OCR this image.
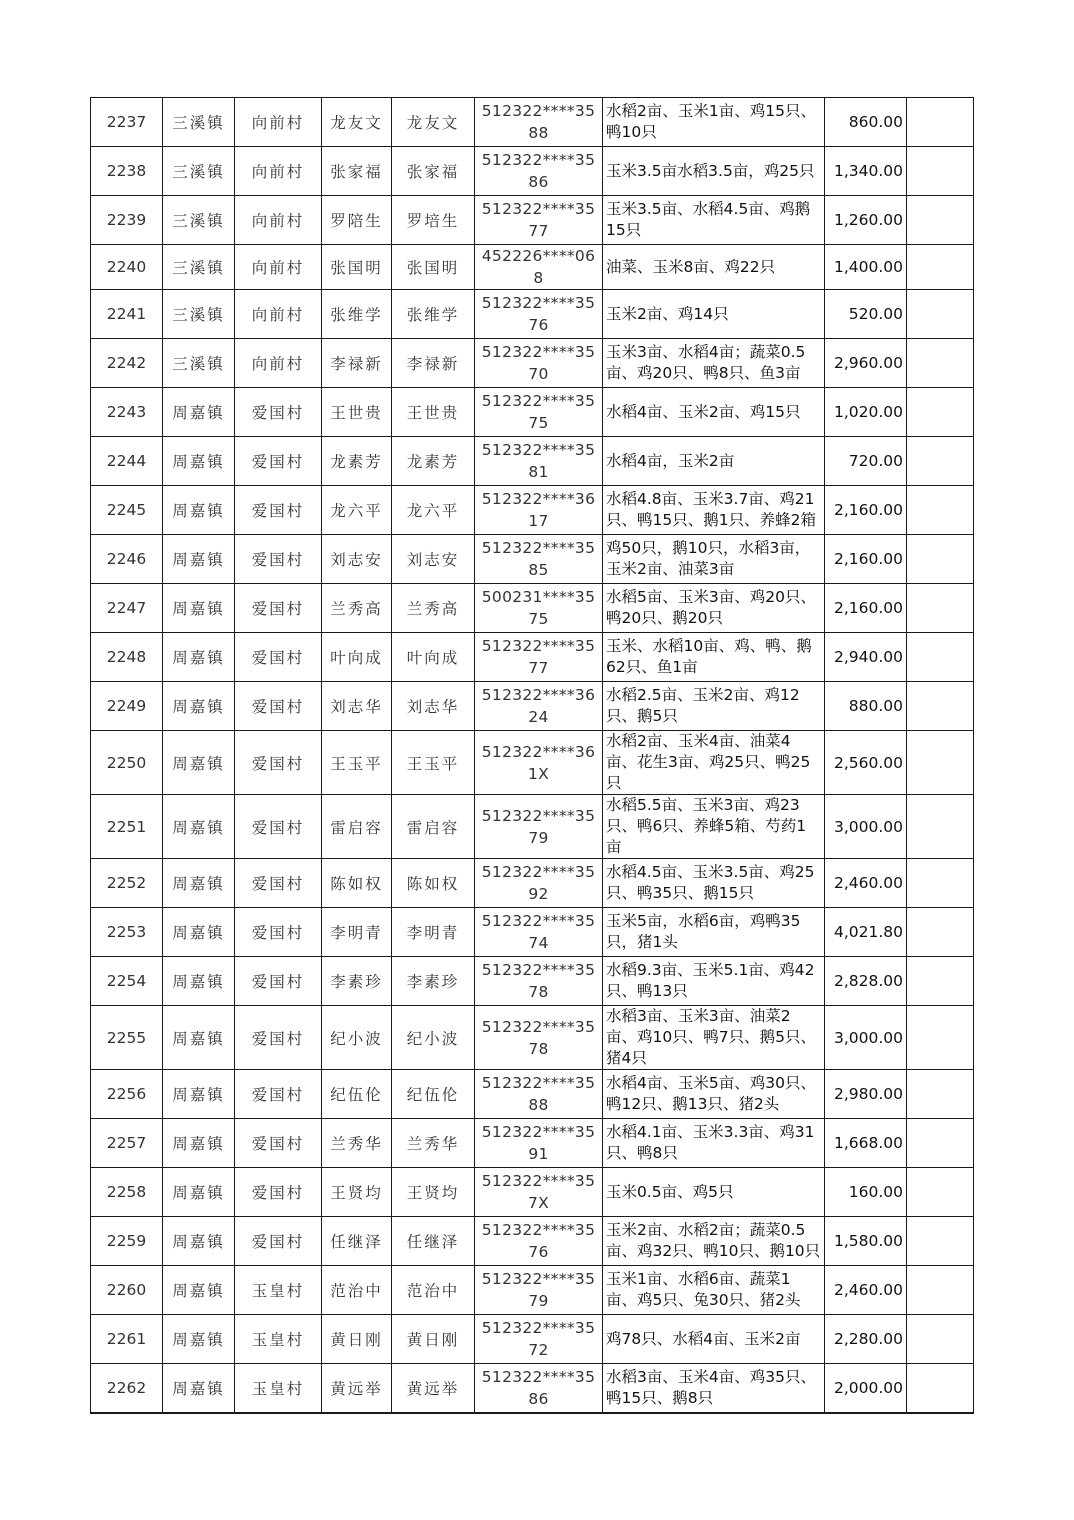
2237	三溪镇	向前村	龙友文	龙友文	512322****3588	水稻2亩、玉米1亩、鸡15只、鸭10只	860.00	
2238	三溪镇	向前村	张家福	张家福	512322****3586	玉米3.5亩水稻3.5亩，鸡25只	1,340.00	
2239	三溪镇	向前村	罗陪生	罗培生	512322****3577	玉米3.5亩、水稻4.5亩、鸡鹅15只	1,260.00	
2240	三溪镇	向前村	张国明	张国明	452226****068	油菜、玉米8亩、鸡22只	1,400.00	
2241	三溪镇	向前村	张维学	张维学	512322****3576	玉米2亩、鸡14只	520.00	
2242	三溪镇	向前村	李禄新	李禄新	512322****3570	玉米3亩、水稻4亩；蔬菜0.5亩、鸡20只、鸭8只、鱼3亩	2,960.00	
2243	周嘉镇	爱国村	王世贵	王世贵	512322****3575	水稻4亩、玉米2亩、鸡15只	1,020.00	
2244	周嘉镇	爱国村	龙素芳	龙素芳	512322****3581	水稻4亩，玉米2亩	720.00	
2245	周嘉镇	爱国村	龙六平	龙六平	512322****3617	水稻4.8亩、玉米3.7亩、鸡21只、鸭15只、鹅1只、养蜂2箱	2,160.00	
2246	周嘉镇	爱国村	刘志安	刘志安	512322****3585	鸡50只，鹅10只，水稻3亩，玉米2亩、油菜3亩	2,160.00	
2247	周嘉镇	爱国村	兰秀高	兰秀高	500231****3575	水稻5亩、玉米3亩、鸡20只、鸭20只、鹅20只	2,160.00	
2248	周嘉镇	爱国村	叶向成	叶向成	512322****3577	玉米、水稻10亩、鸡、鸭、鹅62只、鱼1亩	2,940.00	
2249	周嘉镇	爱国村	刘志华	刘志华	512322****3624	水稻2.5亩、玉米2亩、鸡12只、鹅5只	880.00	
2250	周嘉镇	爱国村	王玉平	王玉平	512322****361X	水稻2亩、玉米4亩、油菜4亩、花生3亩、鸡25只、鸭25只	2,560.00	
2251	周嘉镇	爱国村	雷启容	雷启容	512322****3579	水稻5.5亩、玉米3亩、鸡23只、鸭6只、养蜂5箱、芍药1亩	3,000.00	
2252	周嘉镇	爱国村	陈如权	陈如权	512322****3592	水稻4.5亩、玉米3.5亩、鸡25只、鸭35只、鹅15只	2,460.00	
2253	周嘉镇	爱国村	李明青	李明青	512322****3574	玉米5亩，水稻6亩，鸡鸭35只，猪1头	4,021.80	
2254	周嘉镇	爱国村	李素珍	李素珍	512322****3578	水稻9.3亩、玉米5.1亩、鸡42只、鸭13只	2,828.00	
2255	周嘉镇	爱国村	纪小波	纪小波	512322****3578	水稻3亩、玉米3亩、油菜2亩、鸡10只、鸭7只、鹅5只、猪4只	3,000.00	
2256	周嘉镇	爱国村	纪伍伦	纪伍伦	512322****3588	水稻4亩、玉米5亩、鸡30只、鸭12只、鹅13只、猪2头	2,980.00	
2257	周嘉镇	爱国村	兰秀华	兰秀华	512322****3591	水稻4.1亩、玉米3.3亩、鸡31只、鸭8只	1,668.00	
2258	周嘉镇	爱国村	王贤均	王贤均	512322****357X	玉米0.5亩、鸡5只	160.00	
2259	周嘉镇	爱国村	任继泽	任继泽	512322****3576	玉米2亩、水稻2亩；蔬菜0.5亩、鸡32只、鸭10只、鹅10只	1,580.00	
2260	周嘉镇	玉皇村	范治中	范治中	512322****3579	玉米1亩、水稻6亩、蔬菜1亩、鸡5只、兔30只、猪2头	2,460.00	
2261	周嘉镇	玉皇村	黄日刚	黄日刚	512322****3572	鸡78只、水稻4亩、玉米2亩	2,280.00	
2262	周嘉镇	玉皇村	黄远举	黄远举	512322****3586	水稻3亩、玉米4亩、鸡35只、鸭15只、鹅8只	2,000.00	
